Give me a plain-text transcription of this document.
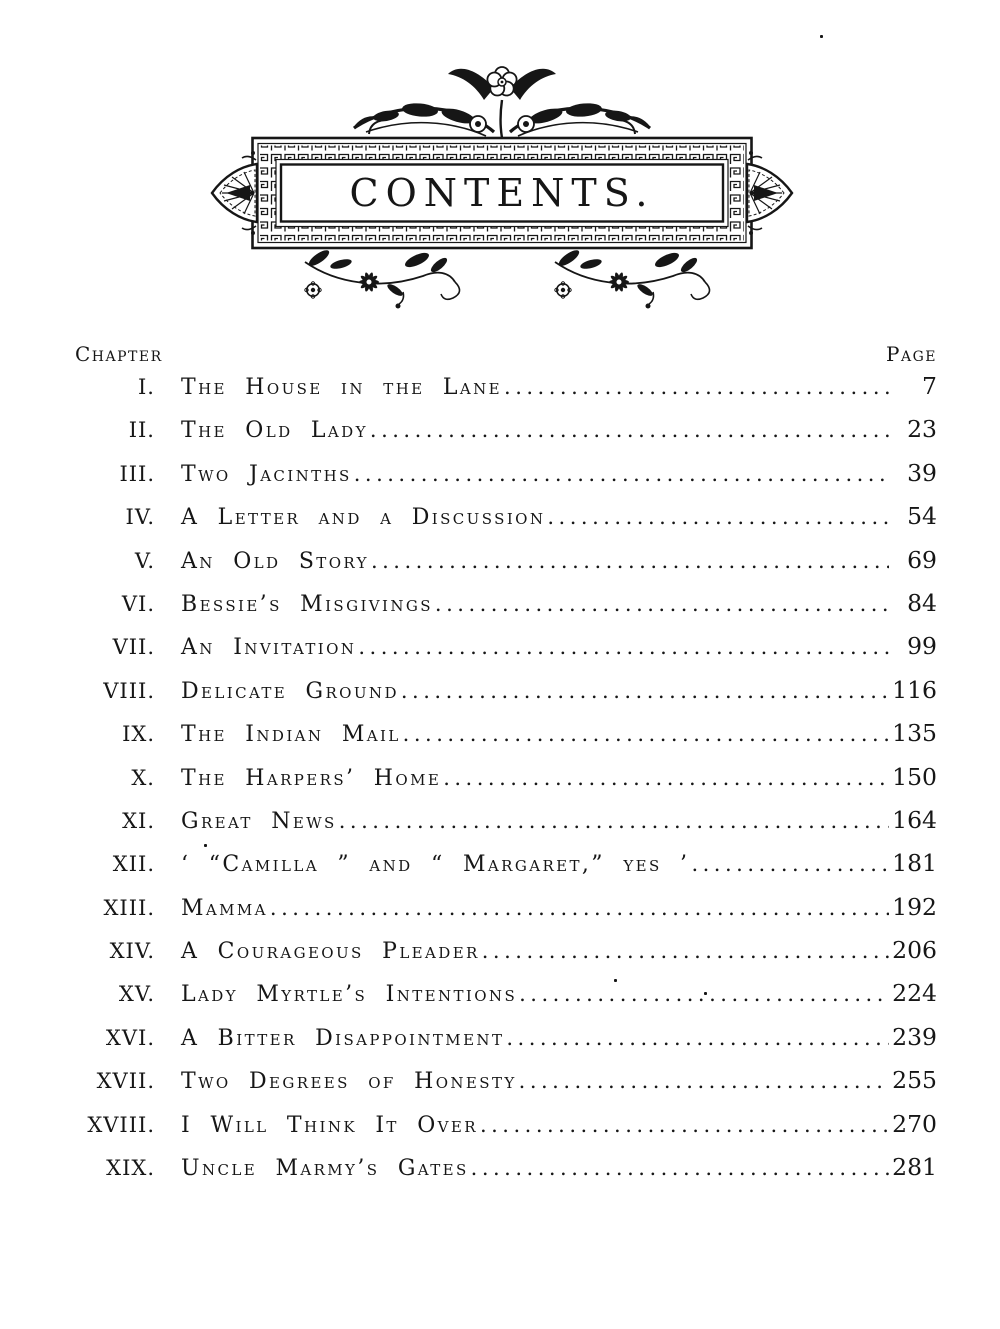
CONTENTS.
Chapter	Page
I. The House in the Lane .....	7
II. The Old Lady .....	23
III. Two Jacinths .....	39
IV. A Letter and a Discussion .....	54
V. An Old Story .....	69
VI. Bessie’s Misgivings .....	84
VII. An Invitation .....	99
VIII. Delicate Ground .....	116
IX. The Indian Mail .....	135
X. The Harpers’ Home .....	150
XI. Great News .....	164
XII. ‘ “Camilla ” and “ Margaret,” yes ’ .....	181
XIII. Mamma .....	192
XIV. A Courageous Pleader .....	206
XV. Lady Myrtle’s Intentions .....	224
XVI. A Bitter Disappointment .....	239
XVII. Two Degrees of Honesty .....	255
XVIII. I Will Think It Over .....	270
XIX. Uncle Marmy’s Gates .....	281
